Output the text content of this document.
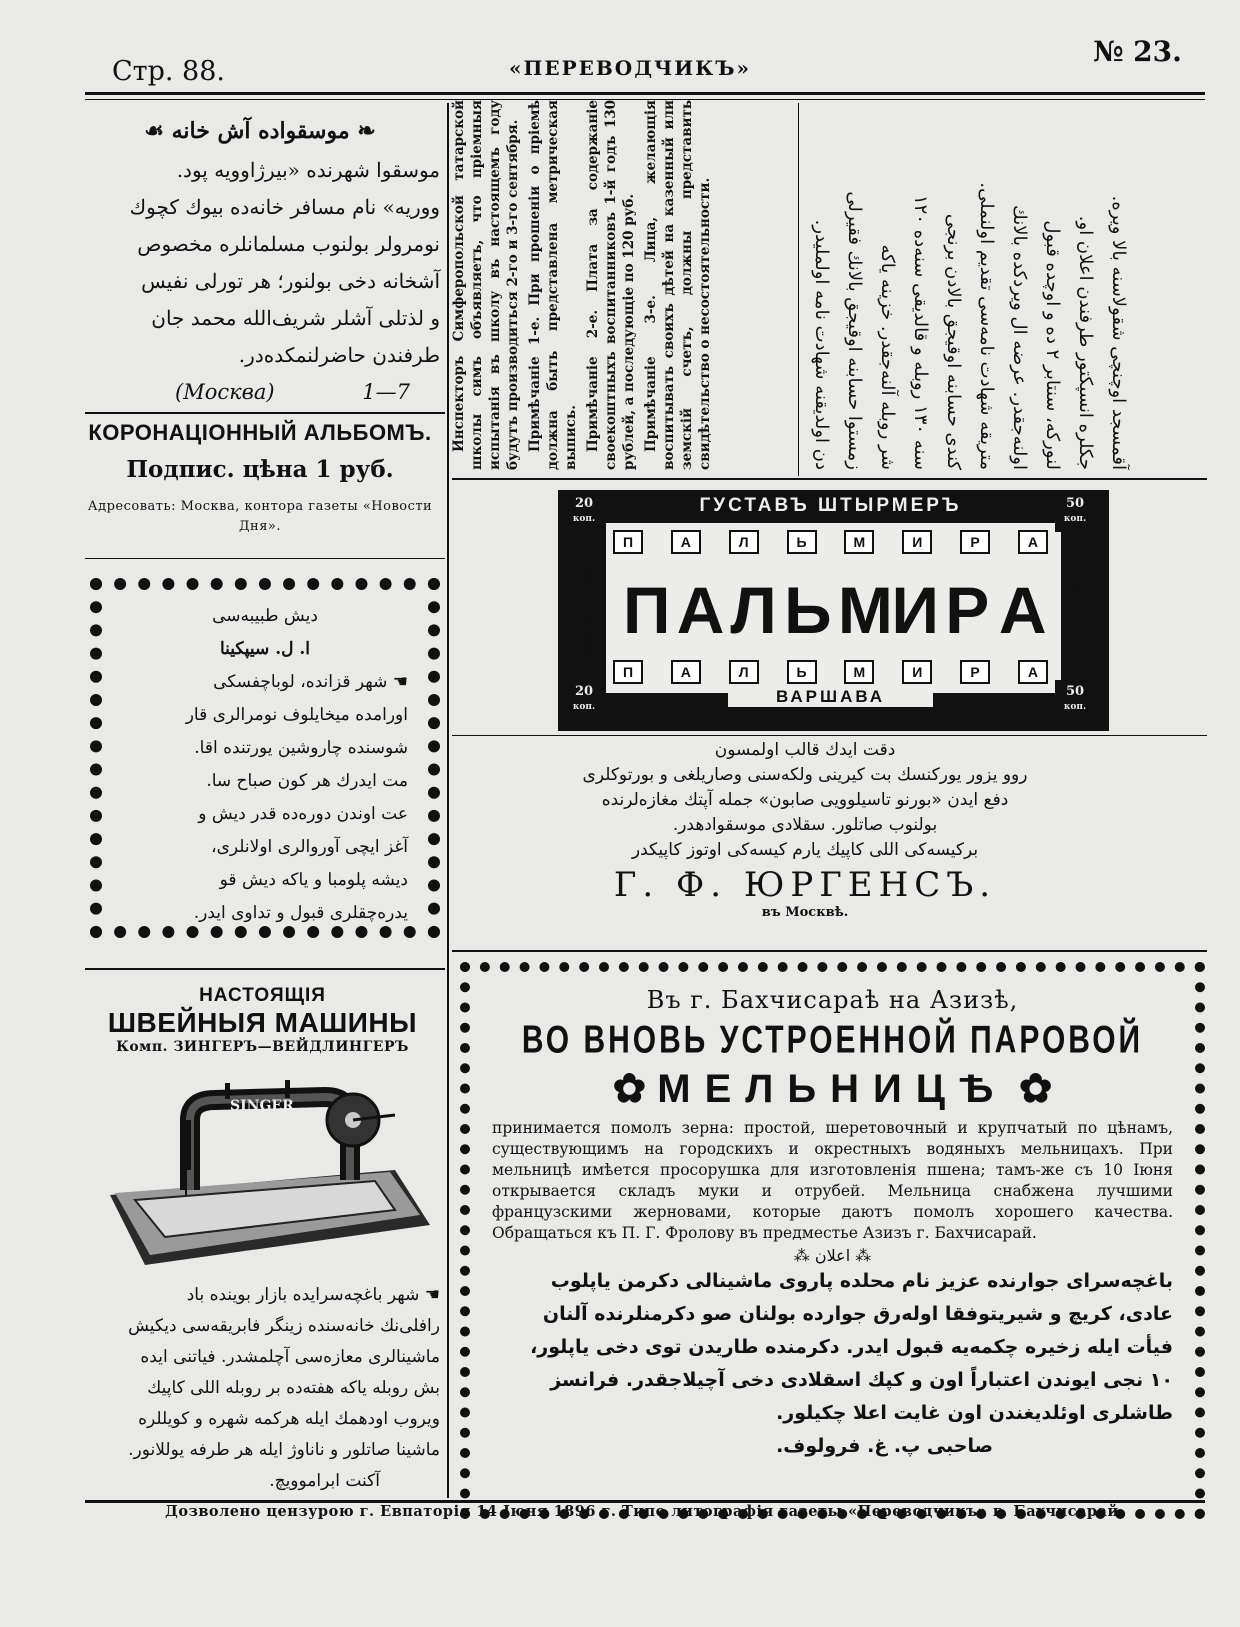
Стр. 88.	«ПЕРЕВОДЧИКЪ»	№ 23.
❧ موسقواده آش خانه ☙
موسقوا شهرنده «بیرژاوویه پود.
ووریه» نام مسافر خانه‌ده بیوك كچوك
نومرولر بولنوب مسلمانلره مخصوص
آشخانه دخی بولنور؛ هر تورلی نفیس
و لذتلی آشلر شریف‌الله محمد جان
طرفندن حاضرلنمكده‌در.
(Москва)	1—7
КОРОНАЦІОННЫЙ АЛЬБОМЪ.
Подпис. цѣна 1 руб.
Адресовать: Москва, контора газеты «Новости Дня».
دیش طبیبه‌سی
ا. ل. سیپكینا
☚ شهر قزانده، لوباچفسكی
اورامده میخایلوف نومرالری قار
شوسنده چارو‌شین یورتنده اقا.
مت ایدرك هر كون صباح سا.
عت اوندن دوره‌ده قدر دیش و
آغز ایچی آوروالری اولانلری،
دیشه پلومبا و یاكه دیش قو
یدره‌چقلری قبول و تداوی ایدر.
НАСТОЯЩІЯ
ШВЕЙНЫЯ МАШИНЫ
Комп. ЗИНГЕРЪ—ВЕЙДЛИНГЕРЪ
SINGER
☚ شهر باغچه‌سرایده بازار بوینده باد
رافلی‌نك خانه‌سنده زینگر فابریقه‌سی دیكیش
ماشینالری معازه‌سی آچلمشدر. فیاتنی ایده
بش روبله یاكه هفته‌ده بر روبله اللی كاپیك
ویروب اودهمك ایله هركمه شهره و كویللره
ماشینا صاتلور و ناناوژ ایله هر طرفه یوللانور.
آكنت ابراموویچ.

Инспекторъ Симферопольской татарской школы симъ объявляетъ, что пріемныя испытанія въ школу въ настоящемъ году будутъ производиться 2-го и 3-го сентября. Примѣчаніе 1-е. При прошеніи о пріемѣ должна быть представлена метрическая выпись. Примѣчаніе 2-е. Плата за содержаніе своекоштныхъ воспитанниковъ 1-й годъ 130 рублей, а последующіе по 120 руб. Примѣчаніе 3-е. Лица, желающія воспитывать своихъ дѣтей на казенный или земскій счетъ, должны представить свидѣтельство о несостоятельности.	آقمسجد اوچنچی شقولاسنه بالا ویره.
جكلره انسپكتور طرفندن اعلان او.
لنورکه، سنتابر ۲ ده و اوچده قبول
اولنه‌جقدر. عرضه ال ویردكده بالانك
متریقه شهادت نامه‌سی تقدیم اولنملی.
كندی حسابنه اوقیجق بالادن برنجی
سنه ۱۳۰ روبله و قالدیقی سنه‌ده ۱۲۰
شر روبله آلنه‌جقدر. خزینه یاكه
زمستوا حسابنه اوقیجق بالانك فقیرلی
دن اولدیقنه شهادت نامه اولملیدر.
ГУСТАВЪ ШТЫРМЕРЪ
20
коп.
50
коп.
20
коп.
50
коп.
П	А	Л	Ь	М	И	Р	А
П А Л Ь М
И Р А
П	А	Л	Ь	М	И	Р	А
ОДИНЪ КУСОКЪ.	ТРИ КУСКА.
ВАРШАВА
دقت ایدك قالب اولمسون
روو یزور یورکنسك بت كیرینی ولکه‌سنی وصاریلغی و بورتوكلری
دفع ایدن «بورنو تاسیلوویی صابون» جمله آپتك مغازه‌لرنده
بولنوب صاتلور. سقلادی موسقوادهدر.
بركیسه‌كی اللی كاپیك یارم كیسه‌كی اوتوز كاپیكدر
Г. Ф. ЮРГЕНСЪ.
въ Москвѣ.
Въ г. Бахчисараѣ на Азизѣ,
ВО ВНОВЬ УСТРОЕННОЙ ПАРОВОЙ
✿ МЕЛЬНИЦѢ ✿
принимается помолъ зерна: простой, шеретовочный и крупчатый по цѣнамъ, существующимъ на городскихъ и окрестныхъ водяныхъ мельницахъ. При мельницѣ имѣется просорушка для изготовленія пшена; тамъ-же съ 10 Іюня открывается складъ муки и отрубей. Мельница снабжена лучшими французскими жерновами, которые даютъ помолъ хорошего качества. Обращаться къ П. Г. Фролову въ предместье Азизъ г. Бахчисарай.
⁂ اعلان ⁂
باغچه‌سرای جوارنده عزیز نام محلده پاروی ماشینالی دكرمن یاپلوب
عادی، كریچ و شیریتوفقا اوله‌رق جوارده بولنان صو دكرمنلرنده آلنان
فیأت ایله زخیره چكمه‌یه قبول ایدر. دكرمنده طاریدن توی دخی یاپلور،
۱۰ نجی ایوندن اعتباراً اون و كپك اسقلادی دخی آچیلاجقدر. فرانسز
طاشلری اوئلدیغندن اون غایت اعلا چكیلور.
صاحبی پ. غ. فرولوف.
Дозволено цензурою г. Евпаторія 14 Іюня 1896 г. Типо литографія газеты «Переводчикъ» г. Бахчисарай
